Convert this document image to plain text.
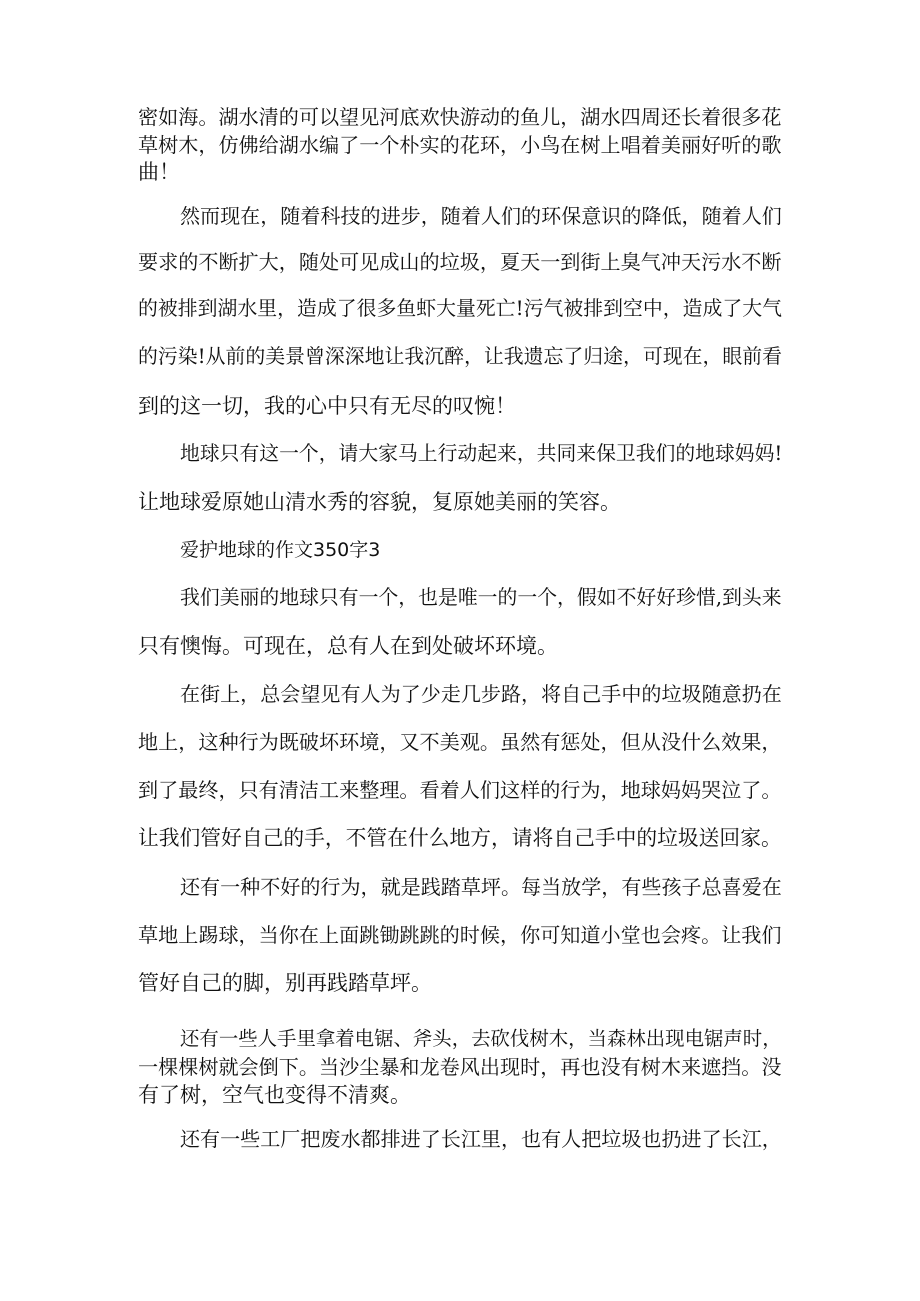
密如海。湖水清的可以望见河底欢快游动的鱼儿，湖水四周还长着很多花
草树木，仿佛给湖水编了一个朴实的花环，小鸟在树上唱着美丽好听的歌
曲！
然而现在，随着科技的进步，随着人们的环保意识的降低，随着人们
要求的不断扩大，随处可见成山的垃圾，夏天一到街上臭气冲天污水不断
的被排到湖水里，造成了很多鱼虾大量死亡!污气被排到空中，造成了大气
的污染!从前的美景曾深深地让我沉醉，让我遗忘了归途，可现在，眼前看
到的这一切，我的心中只有无尽的叹惋！
地球只有这一个，请大家马上行动起来，共同来保卫我们的地球妈妈!
让地球爱原她山清水秀的容貌，复原她美丽的笑容。
爱护地球的作文350字3
我们美丽的地球只有一个，也是唯一的一个，假如不好好珍惜,到头来
只有懊悔。可现在，总有人在到处破坏环境。
在街上，总会望见有人为了少走几步路，将自己手中的垃圾随意扔在
地上，这种行为既破坏环境，又不美观。虽然有惩处，但从没什么效果，
到了最终，只有清洁工来整理。看着人们这样的行为，地球妈妈哭泣了。
让我们管好自己的手，不管在什么地方，请将自己手中的垃圾送回家。
还有一种不好的行为，就是践踏草坪。每当放学，有些孩子总喜爱在
草地上踢球，当你在上面跳锄跳跳的时候，你可知道小堂也会疼。让我们
管好自己的脚，别再践踏草坪。
还有一些人手里拿着电锯、斧头，去砍伐树木，当森林出现电锯声时，
一棵棵树就会倒下。当沙尘暴和龙卷风出现时，再也没有树木来遮挡。没
有了树，空气也变得不清爽。
还有一些工厂把废水都排进了长江里，也有人把垃圾也扔进了长江，
